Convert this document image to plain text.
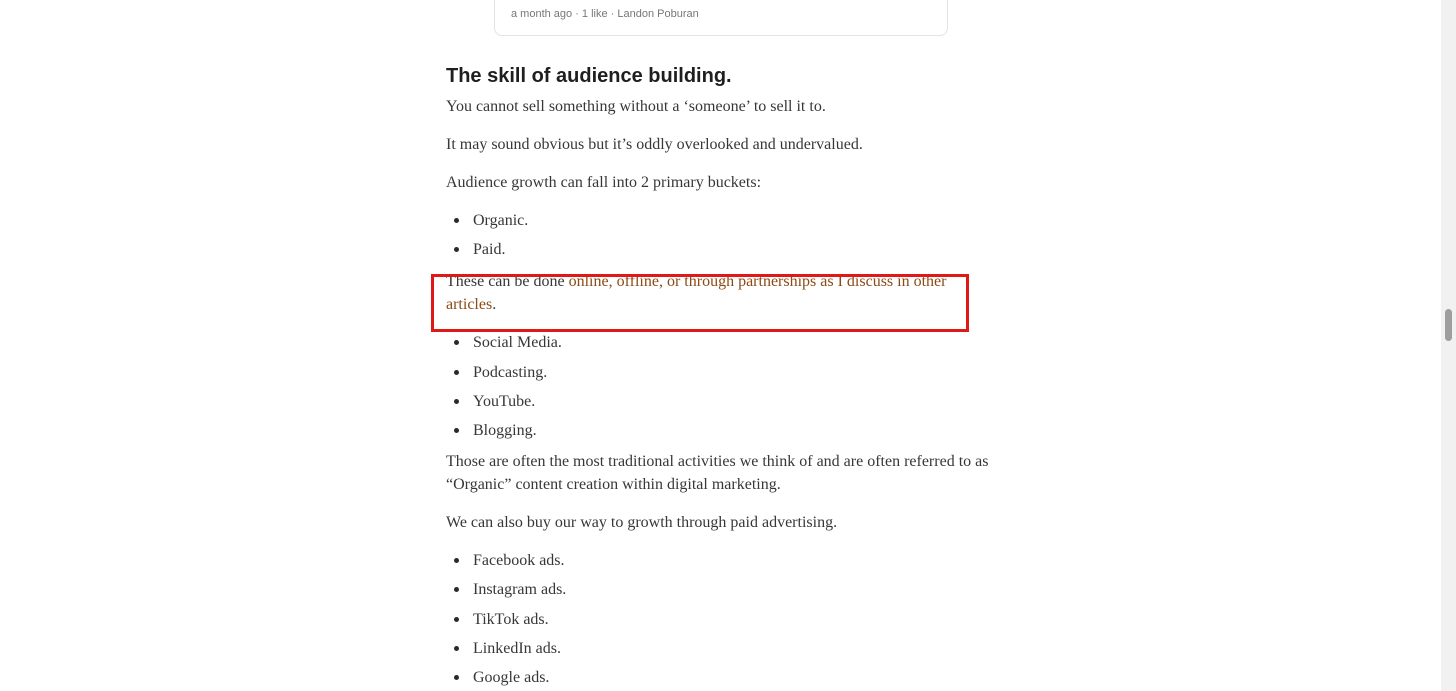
a month ago · 1 like · Landon Poburan
The skill of audience building.

You cannot sell something without a ‘someone’ to sell it to.

It may sound obvious but it’s oddly overlooked and undervalued.

Audience growth can fall into 2 primary buckets:

Organic.
Paid.

These can be done online, offline, or through partnerships as I discuss in other articles.

Social Media.
Podcasting.
YouTube.
Blogging.

Those are often the most traditional activities we think of and are often referred to as “Organic” content creation within digital marketing.

We can also buy our way to growth through paid advertising.

Facebook ads.
Instagram ads.
TikTok ads.
LinkedIn ads.
Google ads.
